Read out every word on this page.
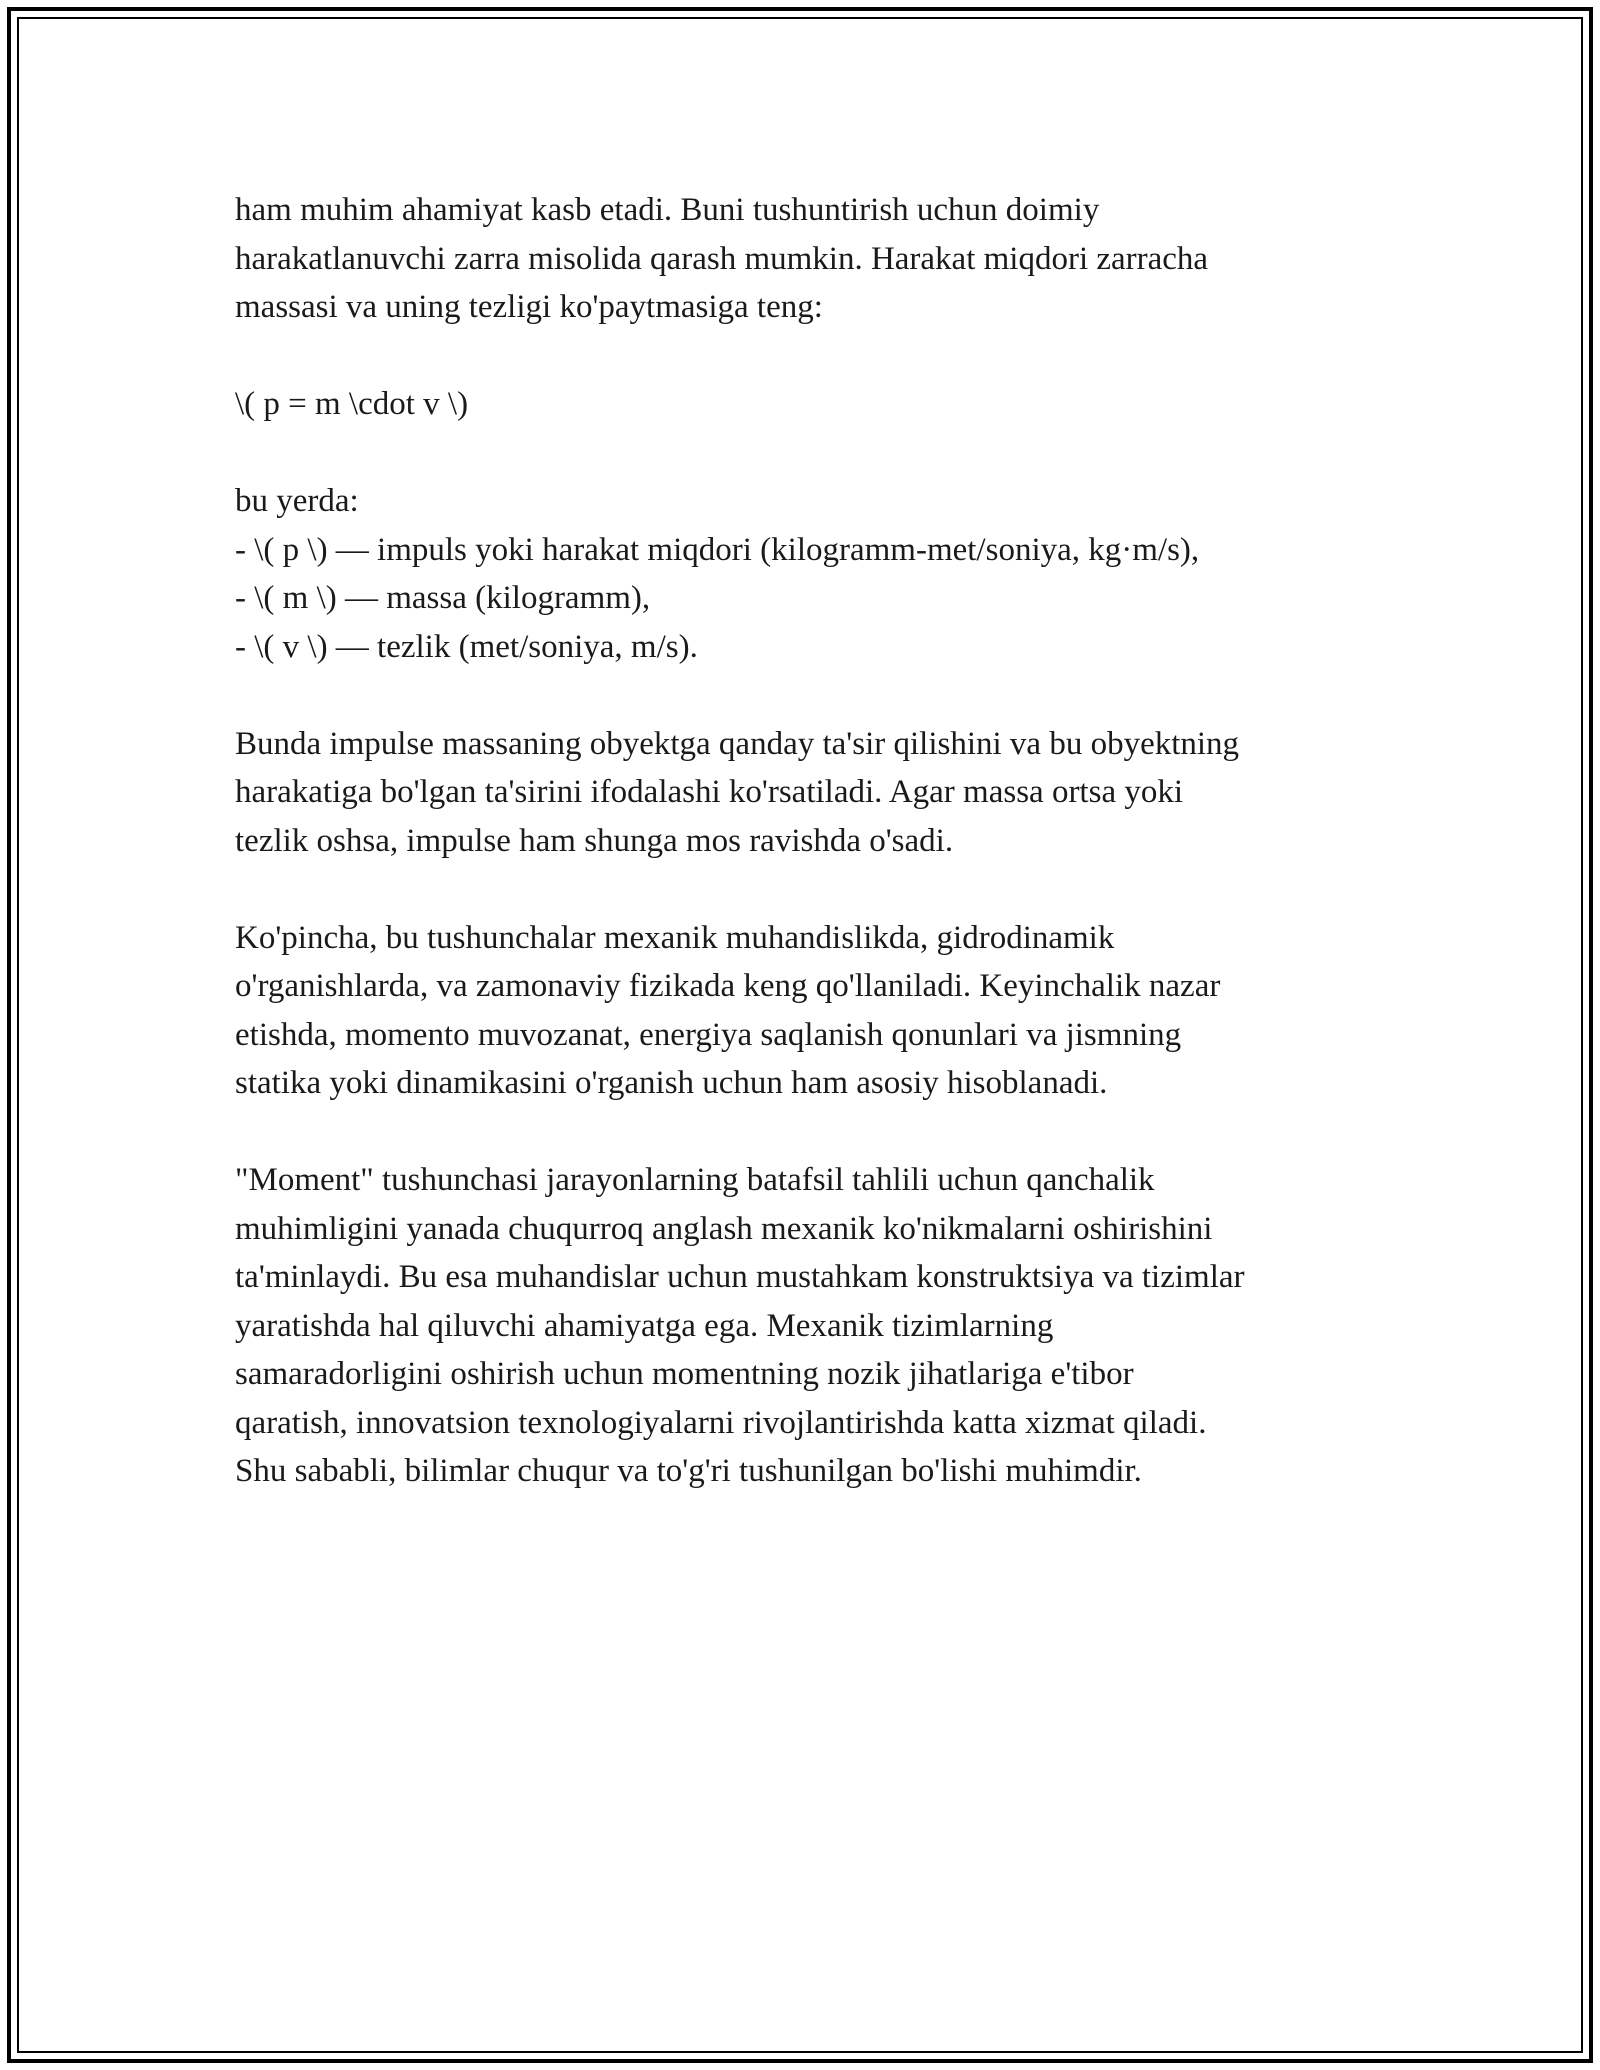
ham muhim ahamiyat kasb etadi. Buni tushuntirish uchun doimiy
harakatlanuvchi zarra misolida qarash mumkin. Harakat miqdori zarracha
massasi va uning tezligi ko'paytmasiga teng:

\( p = m \cdot v \)

bu yerda:
- \( p \) — impuls yoki harakat miqdori (kilogramm-met/soniya, kg·m/s),
- \( m \) — massa (kilogramm),
- \( v \) — tezlik (met/soniya, m/s).

Bunda impulse massaning obyektga qanday ta'sir qilishini va bu obyektning
harakatiga bo'lgan ta'sirini ifodalashi ko'rsatiladi. Agar massa ortsa yoki
tezlik oshsa, impulse ham shunga mos ravishda o'sadi.

Ko'pincha, bu tushunchalar mexanik muhandislikda, gidrodinamik
o'rganishlarda, va zamonaviy fizikada keng qo'llaniladi. Keyinchalik nazar
etishda, momento muvozanat, energiya saqlanish qonunlari va jismning
statika yoki dinamikasini o'rganish uchun ham asosiy hisoblanadi.

"Moment" tushunchasi jarayonlarning batafsil tahlili uchun qanchalik
muhimligini yanada chuqurroq anglash mexanik ko'nikmalarni oshirishini
ta'minlaydi. Bu esa muhandislar uchun mustahkam konstruktsiya va tizimlar
yaratishda hal qiluvchi ahamiyatga ega. Mexanik tizimlarning
samaradorligini oshirish uchun momentning nozik jihatlariga e'tibor
qaratish, innovatsion texnologiyalarni rivojlantirishda katta xizmat qiladi.
Shu sababli, bilimlar chuqur va to'g'ri tushunilgan bo'lishi muhimdir.
